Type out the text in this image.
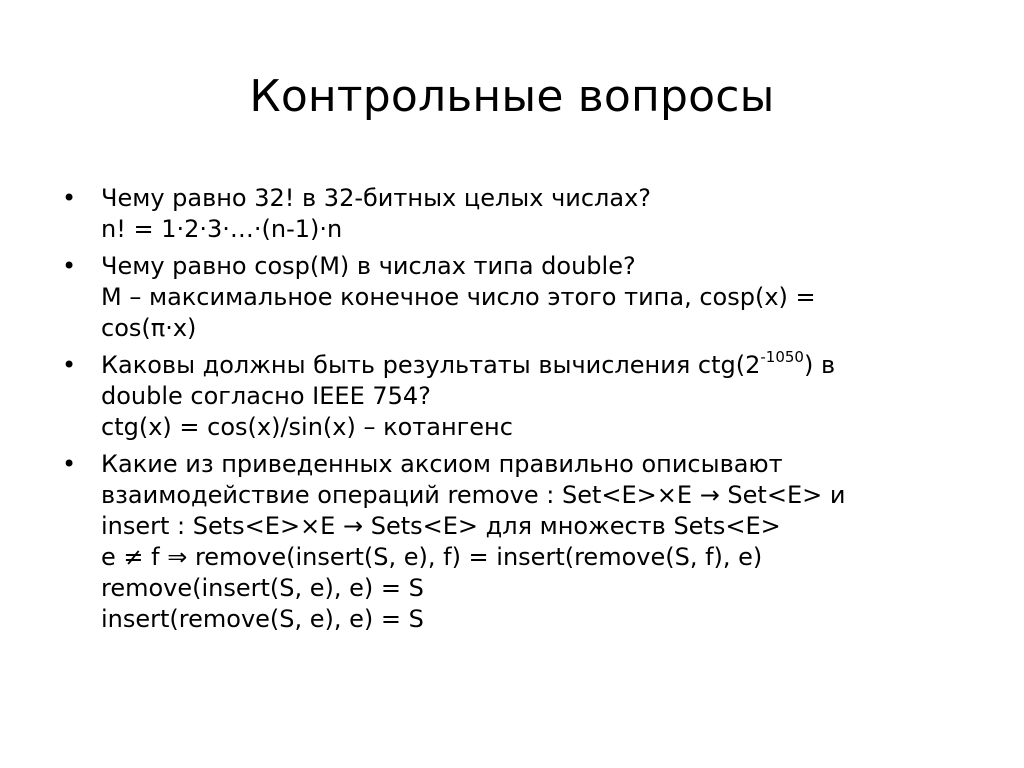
Контрольные вопросы
• Чему равно 32! в 32-битных целых числах?
n! = 1·2·3·…·(n-1)·n
• Чему равно cosp(M) в числах типа double?
M – максимальное конечное число этого типа, cosp(x) =
cos(π·x)
• Каковы должны быть результаты вычисления $ctg(2^{-1050})$ в
double согласно IEEE 754?
ctg(x) = cos(x)/sin(x) – котангенс
• Какие из приведенных аксиом правильно описывают
взаимодействие операций remove : Set<E>×E → Set<E> и
insert : Sets<E>×E → Sets<E> для множеств Sets<E>
e ≠ f ⇒ remove(insert(S, e), f) = insert(remove(S, f), e)
remove(insert(S, e), e) = S
insert(remove(S, e), e) = S
